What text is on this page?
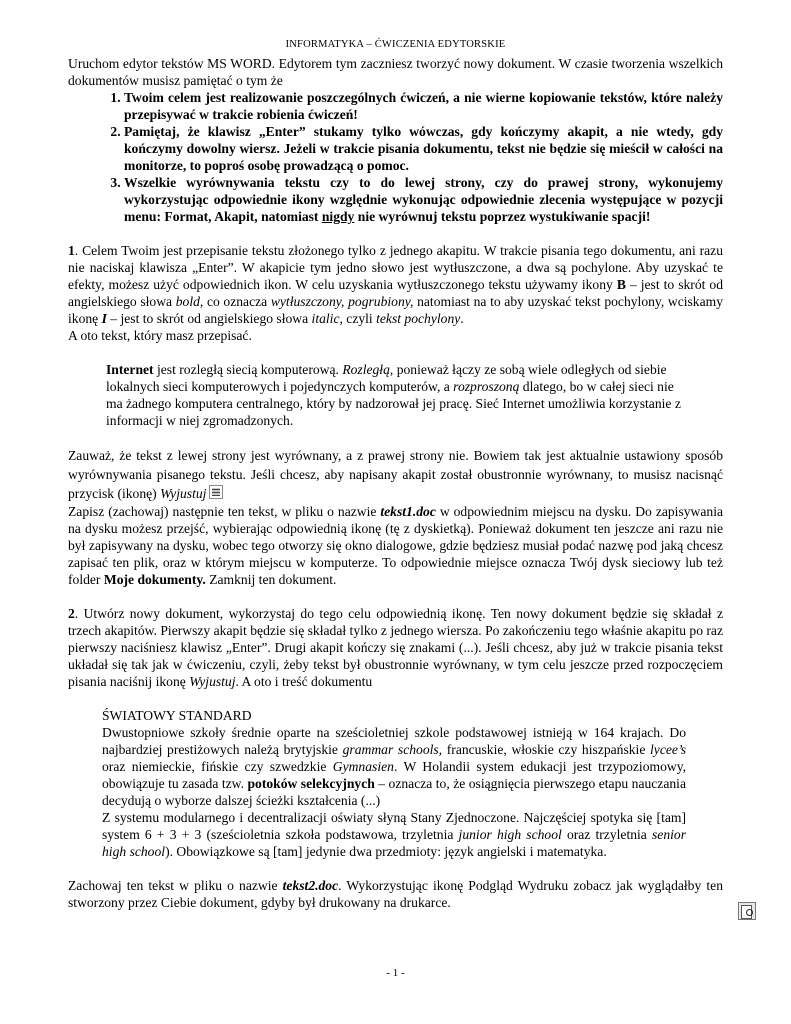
INFORMATYKA – ĆWICZENIA EDYTORSKIE

Uruchom edytor tekstów MS WORD. Edytorem tym zaczniesz tworzyć nowy dokument. W czasie tworzenia wszelkich dokumentów musisz pamiętać o tym że

1. Twoim celem jest realizowanie poszczególnych ćwiczeń, a nie wierne kopiowanie tekstów, które należy przepisywać w trakcie robienia ćwiczeń!
2. Pamiętaj, że klawisz „Enter” stukamy tylko wówczas, gdy kończymy akapit, a nie wtedy, gdy kończymy dowolny wiersz. Jeżeli w trakcie pisania dokumentu, tekst nie będzie się mieścił w całości na monitorze, to poproś osobę prowadzącą o pomoc.
3. Wszelkie wyrównywania tekstu czy to do lewej strony, czy do prawej strony, wykonujemy wykorzystując odpowiednie ikony względnie wykonując odpowiednie zlecenia występujące w pozycji menu: Format, Akapit, natomiast nigdy nie wyrównuj tekstu poprzez wystukiwanie spacji!

1. Celem Twoim jest przepisanie tekstu złożonego tylko z jednego akapitu. W trakcie pisania tego dokumentu, ani razu nie naciskaj klawisza „Enter”. W akapicie tym jedno słowo jest wytłuszczone, a dwa są pochylone. Aby uzyskać te efekty, możesz użyć odpowiednich ikon. W celu uzyskania wytłuszczonego tekstu używamy ikony B – jest to skrót od angielskiego słowa bold, co oznacza wytłuszczony, pogrubiony, natomiast na to aby uzyskać tekst pochylony, wciskamy ikonę I – jest to skrót od angielskiego słowa italic, czyli tekst pochylony.

A oto tekst, który masz przepisać.

Internet jest rozległą siecią komputerową. Rozległą, ponieważ łączy ze sobą wiele odległych od siebie lokalnych sieci komputerowych i pojedynczych komputerów, a rozproszoną dlatego, bo w całej sieci nie ma żadnego komputera centralnego, który by nadzorował jej pracę. Sieć Internet umożliwia korzystanie z informacji w niej zgromadzonych.

Zauważ, że tekst z lewej strony jest wyrównany, a z prawej strony nie. Bowiem tak jest aktualnie ustawiony sposób wyrównywania pisanego tekstu. Jeśli chcesz, aby napisany akapit został obustronnie wyrównany, to musisz nacisnąć przycisk (ikonę) Wyjustuj

Zapisz (zachowaj) następnie ten tekst, w pliku o nazwie tekst1.doc w odpowiednim miejscu na dysku. Do zapisywania na dysku możesz przejść, wybierając odpowiednią ikonę (tę z dyskietką). Ponieważ dokument ten jeszcze ani razu nie był zapisywany na dysku, wobec tego otworzy się okno dialogowe, gdzie będziesz musiał podać nazwę pod jaką chcesz zapisać ten plik, oraz w którym miejscu w komputerze. To odpowiednie miejsce oznacza Twój dysk sieciowy lub też folder Moje dokumenty. Zamknij ten dokument.

2. Utwórz nowy dokument, wykorzystaj do tego celu odpowiednią ikonę. Ten nowy dokument będzie się składał z trzech akapitów. Pierwszy akapit będzie się składał tylko z jednego wiersza. Po zakończeniu tego właśnie akapitu po raz pierwszy naciśniesz klawisz „Enter”. Drugi akapit kończy się znakami (...). Jeśli chcesz, aby już w trakcie pisania tekst układał się tak jak w ćwiczeniu, czyli, żeby tekst był obustronnie wyrównany, w tym celu jeszcze przed rozpoczęciem pisania naciśnij ikonę Wyjustuj. A oto i treść dokumentu

ŚWIATOWY STANDARD

Dwustopniowe szkoły średnie oparte na sześcioletniej szkole podstawowej istnieją w 164 krajach. Do najbardziej prestiżowych należą brytyjskie grammar schools, francuskie, włoskie czy hiszpańskie lycee’s oraz niemieckie, fińskie czy szwedzkie Gymnasien. W Holandii system edukacji jest trzypoziomowy, obowiązuje tu zasada tzw. potoków selekcyjnych – oznacza to, że osiągnięcia pierwszego etapu nauczania decydują o wyborze dalszej ścieżki kształcenia (...)

Z systemu modularnego i decentralizacji oświaty słyną Stany Zjednoczone. Najczęściej spotyka się [tam] system 6 + 3 + 3 (sześcioletnia szkoła podstawowa, trzyletnia junior high school oraz trzyletnia senior high school). Obowiązkowe są [tam] jedynie dwa przedmioty: język angielski i matematyka.

Zachowaj ten tekst w pliku o nazwie tekst2.doc. Wykorzystując ikonę Podgląd Wydruku zobacz jak wyglądałby ten stworzony przez Ciebie dokument, gdyby był drukowany na drukarce.

- 1 -
